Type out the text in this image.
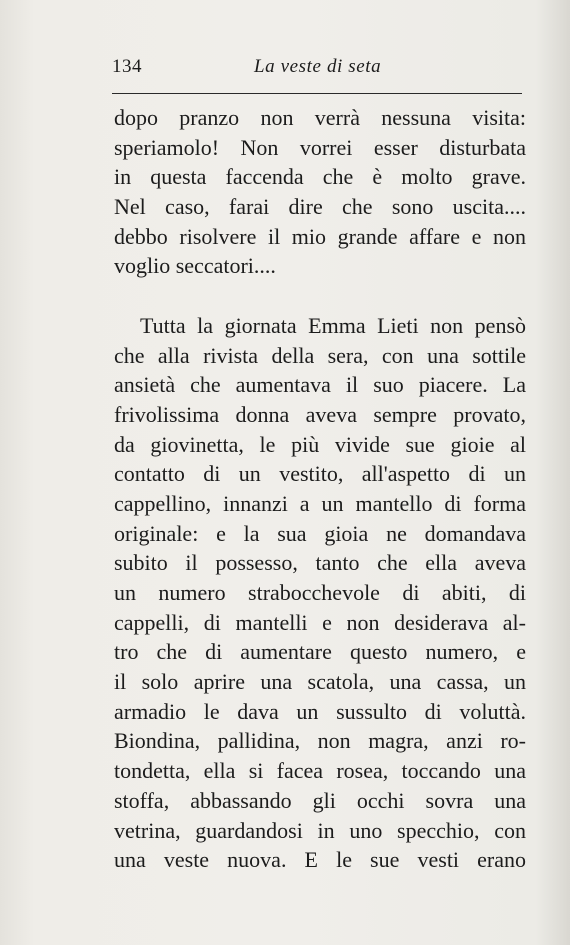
134	La veste di seta
dopo pranzo non verrà nessuna visita:
speriamolo! Non vorrei esser disturbata
in questa faccenda che è molto grave.
Nel caso, farai dire che sono uscita....
debbo risolvere il mio grande affare e non
voglio seccatori....
Tutta la giornata Emma Lieti non pensò
che alla rivista della sera, con una sottile
ansietà che aumentava il suo piacere. La
frivolissima donna aveva sempre provato,
da giovinetta, le più vivide sue gioie al
contatto di un vestito, all'aspetto di un
cappellino, innanzi a un mantello di forma
originale: e la sua gioia ne domandava
subito il possesso, tanto che ella aveva
un numero strabocchevole di abiti, di
cappelli, di mantelli e non desiderava al-
tro che di aumentare questo numero, e
il solo aprire una scatola, una cassa, un
armadio le dava un sussulto di voluttà.
Biondina, pallidina, non magra, anzi ro-
tondetta, ella si facea rosea, toccando una
stoffa, abbassando gli occhi sovra una
vetrina, guardandosi in uno specchio, con
una veste nuova. E le sue vesti erano
